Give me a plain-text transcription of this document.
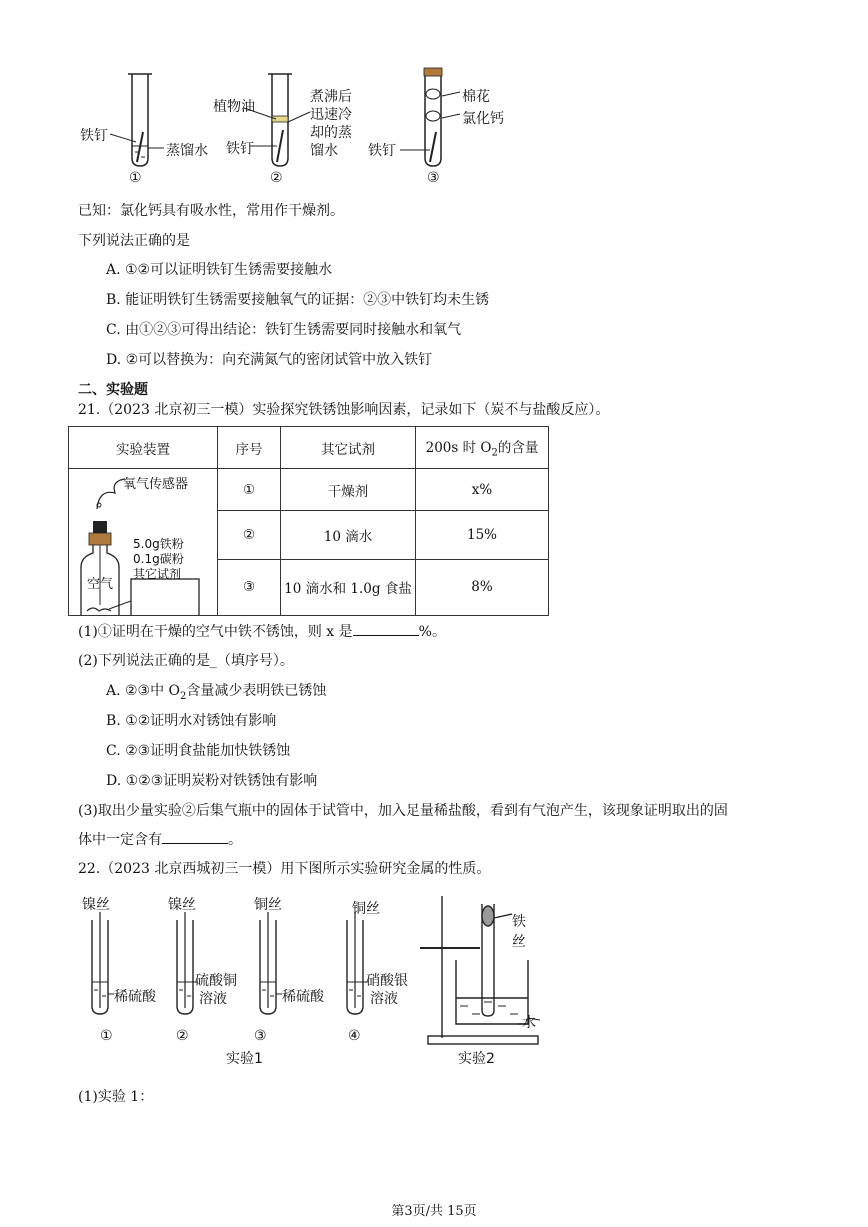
铁钉
蒸馏水
①
植物油
铁钉
煮沸后
迅速冷
却的蒸
馏水
②
棉花
氯化钙
铁钉
③
已知：氯化钙具有吸水性，常用作干燥剂。
下列说法正确的是
A. ①②可以证明铁钉生锈需要接触水
B. 能证明铁钉生锈需要接触氧气的证据：②③中铁钉均未生锈
C. 由①②③可得出结论：铁钉生锈需要同时接触水和氧气
D. ②可以替换为：向充满氮气的密闭试管中放入铁钉
二、实验题
21.（2023 北京初三一模）实验探究铁锈蚀影响因素，记录如下（炭不与盐酸反应）。
实验装置	序号	其它试剂	200s 时 $O_2$的含量

氧气传感器
空气
5.0g铁粉
0.1g碳粉
其它试剂	①	干燥剂	x%
	②	10 滴水	15%
	③	10 滴水和 1.0g 食盐	8%
(1)①证明在干燥的空气中铁不锈蚀，则 x 是	%。
(2)下列说法正确的是_（填序号）。
A. ②③中 $O_2$含量减少表明铁已锈蚀
B. ①②证明水对锈蚀有影响
C. ②③证明食盐能加快铁锈蚀
D. ①②③证明炭粉对铁锈蚀有影响
(3)取出少量实验②后集气瓶中的固体于试管中，加入足量稀盐酸，看到有气泡产生，该现象证明取出的固
体中一定含有	。
22.（2023 北京西城初三一模）用下图所示实验研究金属的性质。
镍丝
稀硫酸
①
镍丝
硫酸铜
溶液
②
铜丝
稀硫酸
③
铜丝
硝酸银
溶液
④
实验1	实验2
铁
丝
水
(1)实验 1：
第3页/共 15页
